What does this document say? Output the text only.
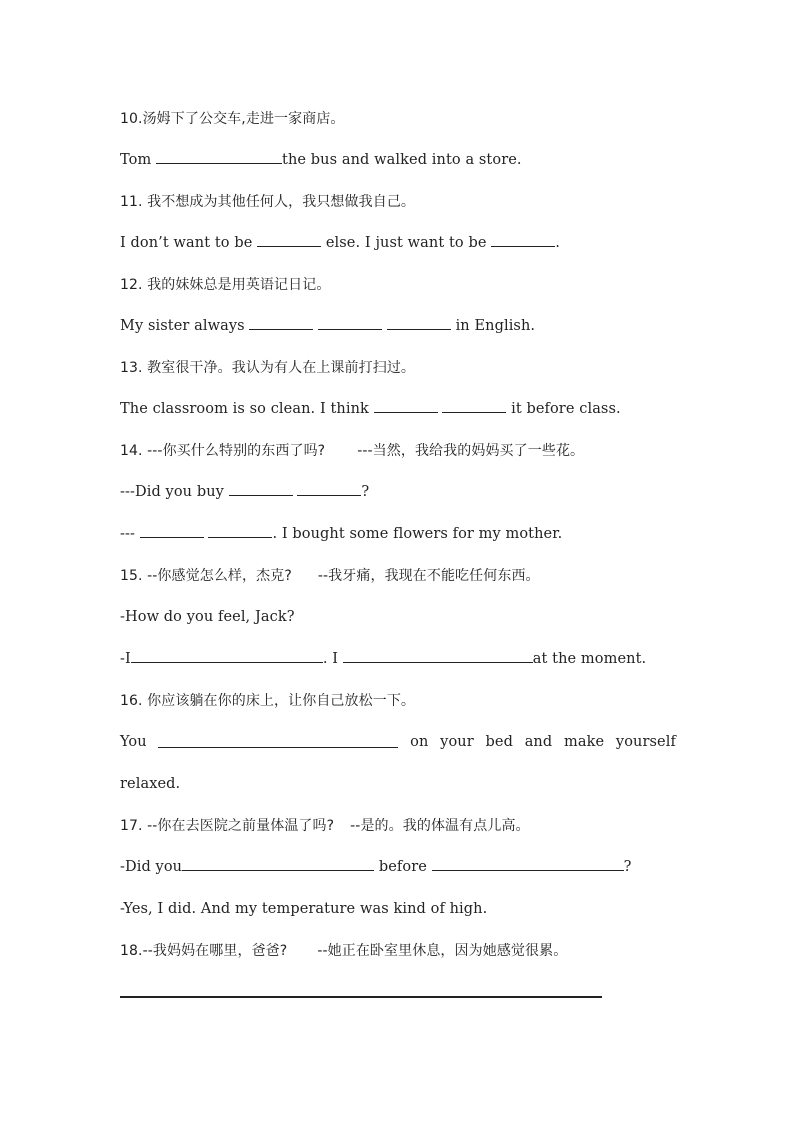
10.汤姆下了公交车,走进一家商店。
Tom	the bus and walked into a store.
11. 我不想成为其他任何人，我只想做我自己。
I don’t want to be	else. I just want to be	.
12. 我的妹妹总是用英语记日记。
My sister always	in English.
13. 教室很干净。我认为有人在上课前打扫过。
The classroom is so clean. I think	it before class.
14. ---你买什么特别的东西了吗? ---当然，我给我的妈妈买了一些花。
---Did you buy	?
---	. I bought some flowers for my mother.
15. --你感觉怎么样，杰克? --我牙痛，我现在不能吃任何东西。
-How do you feel, Jack?
-I	. I	at the moment.
16. 你应该躺在你的床上，让你自己放松一下。
You	on your bed and make yourself
relaxed.
17. --你在去医院之前量体温了吗? --是的。我的体温有点儿高。
-Did you	before	?
-Yes, I did. And my temperature was kind of high.
18.--我妈妈在哪里，爸爸? --她正在卧室里休息，因为她感觉很累。
